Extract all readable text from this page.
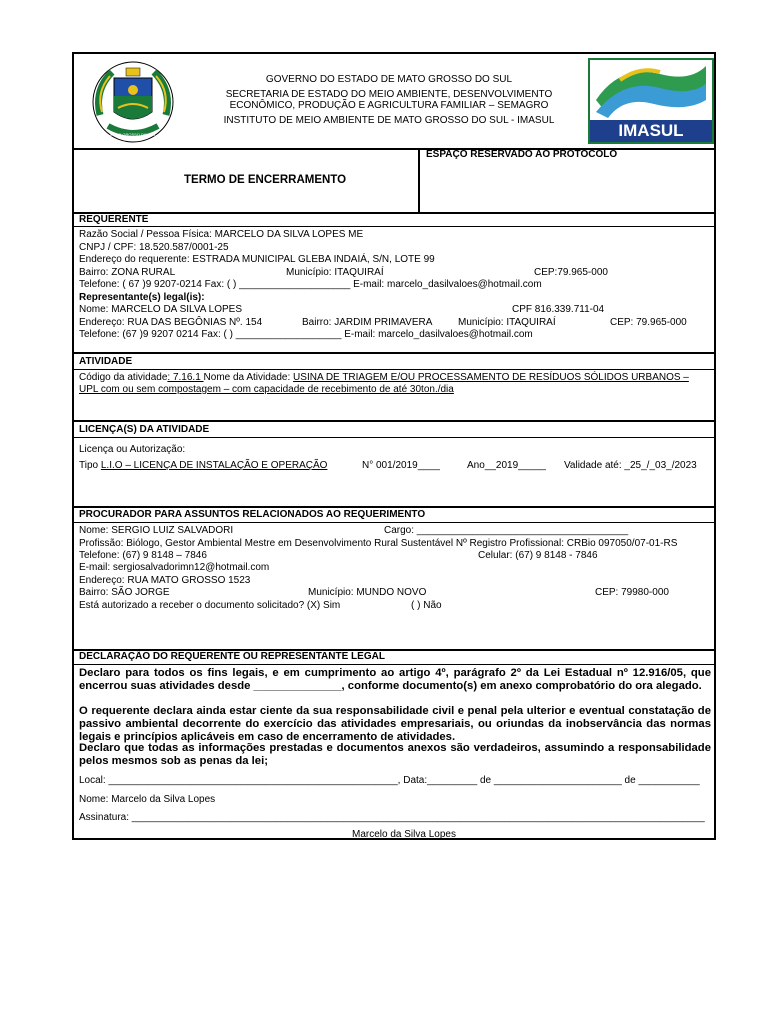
MATO GROSSO DO SUL
GOVERNO DO ESTADO DE MATO GROSSO DO SUL
SECRETARIA DE ESTADO DO MEIO AMBIENTE, DESENVOLVIMENTO
ECONÔMICO, PRODUÇÃO E AGRICULTURA FAMILIAR – SEMAGRO
INSTITUTO DE MEIO AMBIENTE DE MATO GROSSO DO SUL - IMASUL
IMASUL
TERMO DE ENCERRAMENTO
ESPAÇO RESERVADO AO PROTOCOLO
REQUERENTE
Razão Social / Pessoa Física: MARCELO DA SILVA LOPES ME
CNPJ / CPF: 18.520.587/0001-25
Endereço do requerente: ESTRADA MUNICIPAL GLEBA INDAIÁ, S/N, LOTE 99
Bairro: ZONA RURAL	Município: ITAQUIRAÍ	CEP:79.965-000
Telefone: ( 67 )9 9207-0214 Fax: ( ) ____________________ E-mail: marcelo_dasilvaloes@hotmail.com
Representante(s) legal(is):
Nome: MARCELO DA SILVA LOPES	CPF 816.339.711-04
Endereço: RUA DAS BEGÔNIAS Nº. 154	Bairro: JARDIM PRIMAVERA	Município: ITAQUIRAÍ	CEP: 79.965-000
Telefone: (67 )9 9207 0214 Fax: ( ) ___________________ E-mail: marcelo_dasilvaloes@hotmail.com
ATIVIDADE
Código da atividade: 7.16.1 Nome da Atividade: USINA DE TRIAGEM E/OU PROCESSAMENTO DE RESÍDUOS SÓLIDOS URBANOS –
UPL com ou sem compostagem – com capacidade de recebimento de até 30ton./dia
LICENÇA(S) DA ATIVIDADE
Licença ou Autorização:
Tipo L.I.O – LICENÇA DE INSTALAÇÃO E OPERAÇÃO	N° 001/2019____	Ano__2019_____ Validade até: _25_/_03_/2023
PROCURADOR PARA ASSUNTOS RELACIONADOS AO REQUERIMENTO
Nome: SERGIO LUIZ SALVADORI	Cargo: ______________________________________
Profissão: Biólogo, Gestor Ambiental Mestre em Desenvolvimento Rural Sustentável Nº Registro Profissional: CRBio 097050/07-01-RS
Telefone: (67) 9 8148 – 7846	Celular: (67) 9 8148 - 7846
E-mail: sergiosalvadorimn12@hotmail.com
Endereço: RUA MATO GROSSO 1523
Bairro: SÃO JORGE	Município: MUNDO NOVO	CEP: 79980-000
Está autorizado a receber o documento solicitado? (X) Sim	( ) Não
DECLARAÇÃO DO REQUERENTE OU REPRESENTANTE LEGAL
Declaro para todos os fins legais, e em cumprimento ao artigo 4º, parágrafo 2º da Lei Estadual nº 12.916/05, que encerrou suas atividades desde ______________, conforme documento(s) em anexo comprobatório do ora alegado.
O requerente declara ainda estar ciente da sua responsabilidade civil e penal pela ulterior e eventual constatação de passivo ambiental decorrente do exercício das atividades empresariais, ou oriundas da inobservância das normas legais e princípios aplicáveis em caso de encerramento de atividades.
Declaro que todas as informações prestadas e documentos anexos são verdadeiros, assumindo a responsabilidade pelos mesmos sob as penas da lei;
Local: ____________________________________________________, Data:_________ de _______________________ de ___________
Nome: Marcelo da Silva Lopes
Assinatura: _______________________________________________________________________________________________________
Marcelo da Silva Lopes
